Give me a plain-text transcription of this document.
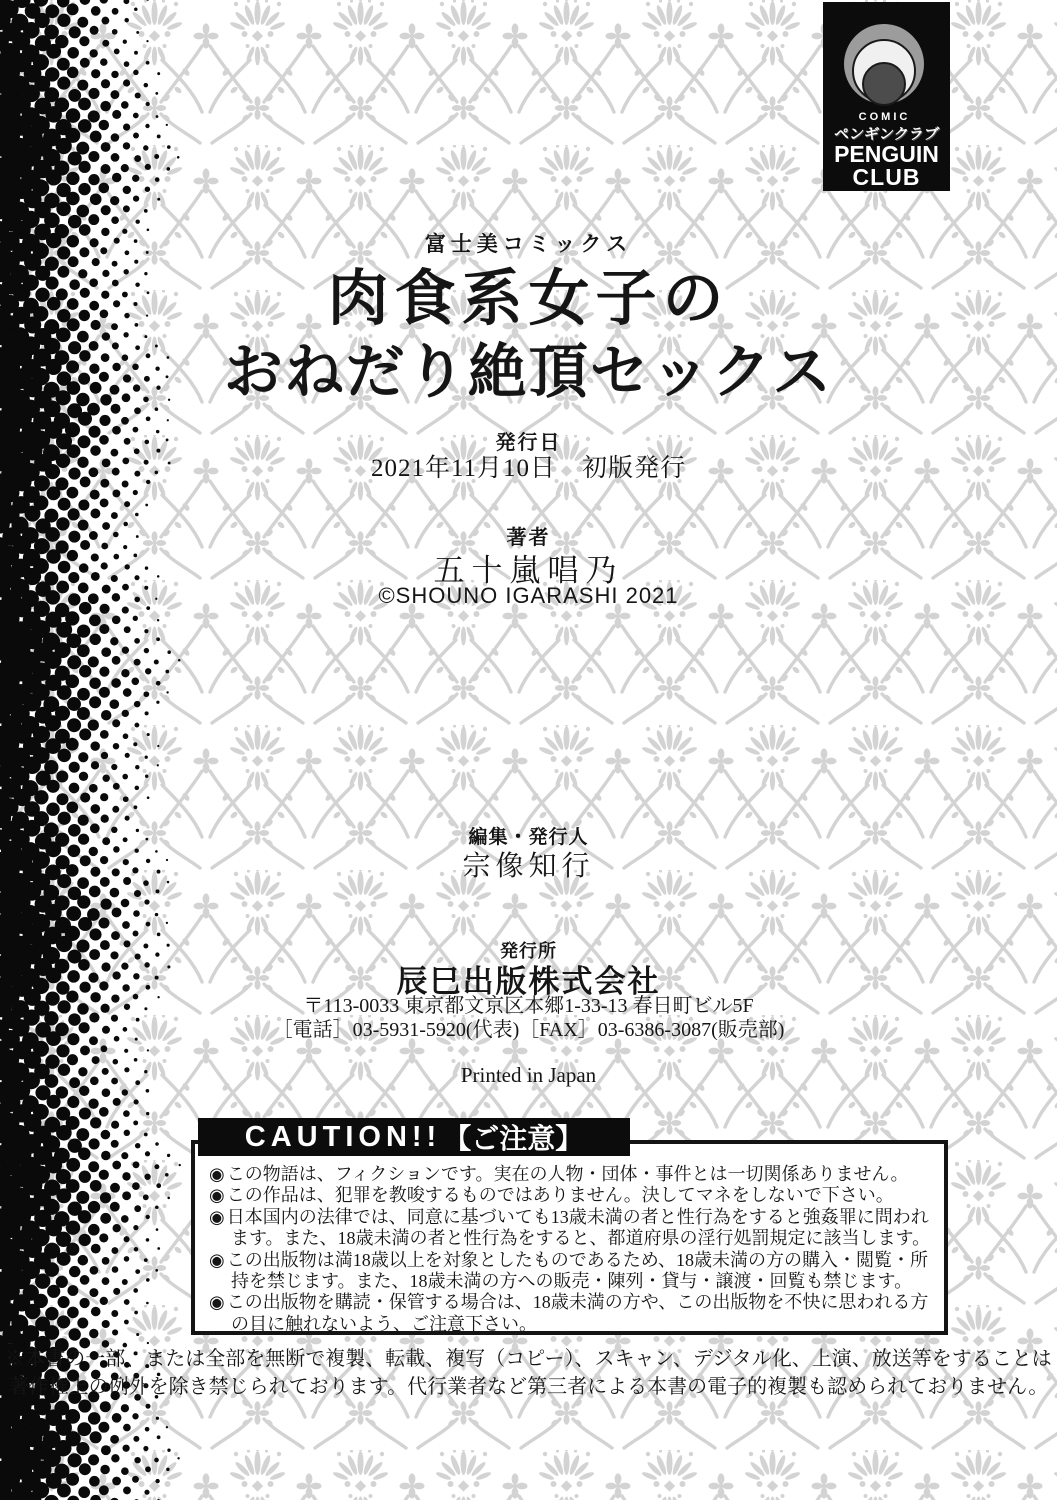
COMIC
ペンギンクラブ
PENGUIN
CLUB
富士美コミックス
肉食系女子の
おねだり絶頂セックス
発行日
2021年11月10日　初版発行
著者
五十嵐唱乃
©SHOUNO IGARASHI 2021
編集・発行人
宗像知行
発行所
辰巳出版株式会社
〒113-0033 東京都文京区本郷1-33-13 春日町ビル5F
［電話］03-5931-5920(代表)［FAX］03-6386-3087(販売部)
Printed in Japan
◉ この物語は、フィクションです。実在の人物・団体・事件とは一切関係ありません。
◉ この作品は、犯罪を教唆するものではありません。決してマネをしないで下さい。
◉ 日本国内の法律では、同意に基づいても13歳未満の者と性行為をすると強姦罪に問われます。また、18歳未満の者と性行為をすると、都道府県の淫行処罰規定に該当します。
◉ この出版物は満18歳以上を対象としたものであるため、18歳未満の方の購入・閲覧・所持を禁じます。また、18歳未満の方への販売・陳列・貸与・譲渡・回覧も禁じます。
◉ この出版物を購読・保管する場合は、18歳未満の方や、この出版物を不快に思われる方の目に触れないよう、ご注意下さい。
CAUTION!! 【ご注意】
※本書の一部、または全部を無断で複製、転載、複写（コピー）、スキャン、デジタル化、上演、放送等をすることは
著作権上の例外を除き禁じられております。代行業者など第三者による本書の電子的複製も認められておりません。
